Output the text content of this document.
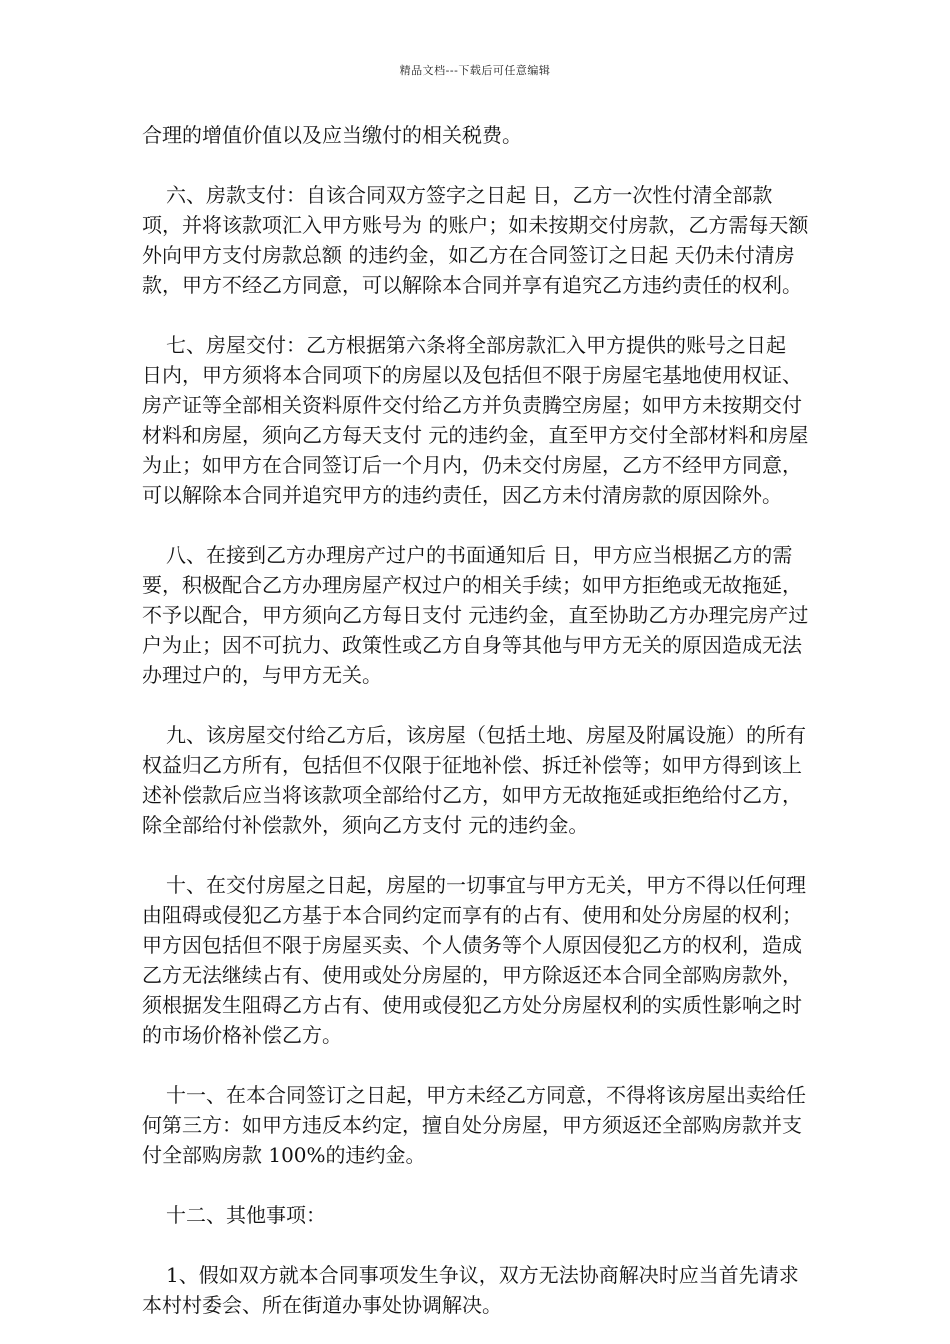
精品文档---下载后可任意编辑

合理的增值价值以及应当缴付的相关税费。

六、房款支付：自该合同双方签字之日起 日，乙方一次性付清全部款项，并将该款项汇入甲方账号为 的账户；如未按期交付房款，乙方需每天额外向甲方支付房款总额 的违约金，如乙方在合同签订之日起 天仍未付清房款，甲方不经乙方同意，可以解除本合同并享有追究乙方违约责任的权利。

七、房屋交付：乙方根据第六条将全部房款汇入甲方提供的账号之日起 日内，甲方须将本合同项下的房屋以及包括但不限于房屋宅基地使用权证、房产证等全部相关资料原件交付给乙方并负责腾空房屋；如甲方未按期交付材料和房屋，须向乙方每天支付 元的违约金，直至甲方交付全部材料和房屋为止；如甲方在合同签订后一个月内，仍未交付房屋，乙方不经甲方同意，可以解除本合同并追究甲方的违约责任，因乙方未付清房款的原因除外。

八、在接到乙方办理房产过户的书面通知后 日，甲方应当根据乙方的需要，积极配合乙方办理房屋产权过户的相关手续；如甲方拒绝或无故拖延，不予以配合，甲方须向乙方每日支付 元违约金，直至协助乙方办理完房产过户为止；因不可抗力、政策性或乙方自身等其他与甲方无关的原因造成无法办理过户的，与甲方无关。

九、该房屋交付给乙方后，该房屋（包括土地、房屋及附属设施）的所有权益归乙方所有，包括但不仅限于征地补偿、拆迁补偿等；如甲方得到该上述补偿款后应当将该款项全部给付乙方，如甲方无故拖延或拒绝给付乙方，除全部给付补偿款外，须向乙方支付 元的违约金。

十、在交付房屋之日起，房屋的一切事宜与甲方无关，甲方不得以任何理由阻碍或侵犯乙方基于本合同约定而享有的占有、使用和处分房屋的权利；甲方因包括但不限于房屋买卖、个人债务等个人原因侵犯乙方的权利，造成乙方无法继续占有、使用或处分房屋的，甲方除返还本合同全部购房款外，须根据发生阻碍乙方占有、使用或侵犯乙方处分房屋权利的实质性影响之时的市场价格补偿乙方。

十一、在本合同签订之日起，甲方未经乙方同意，不得将该房屋出卖给任何第三方：如甲方违反本约定，擅自处分房屋，甲方须返还全部购房款并支付全部购房款 100%的违约金。

十二、其他事项：

1、假如双方就本合同事项发生争议，双方无法协商解决时应当首先请求本村村委会、所在街道办事处协调解决。
